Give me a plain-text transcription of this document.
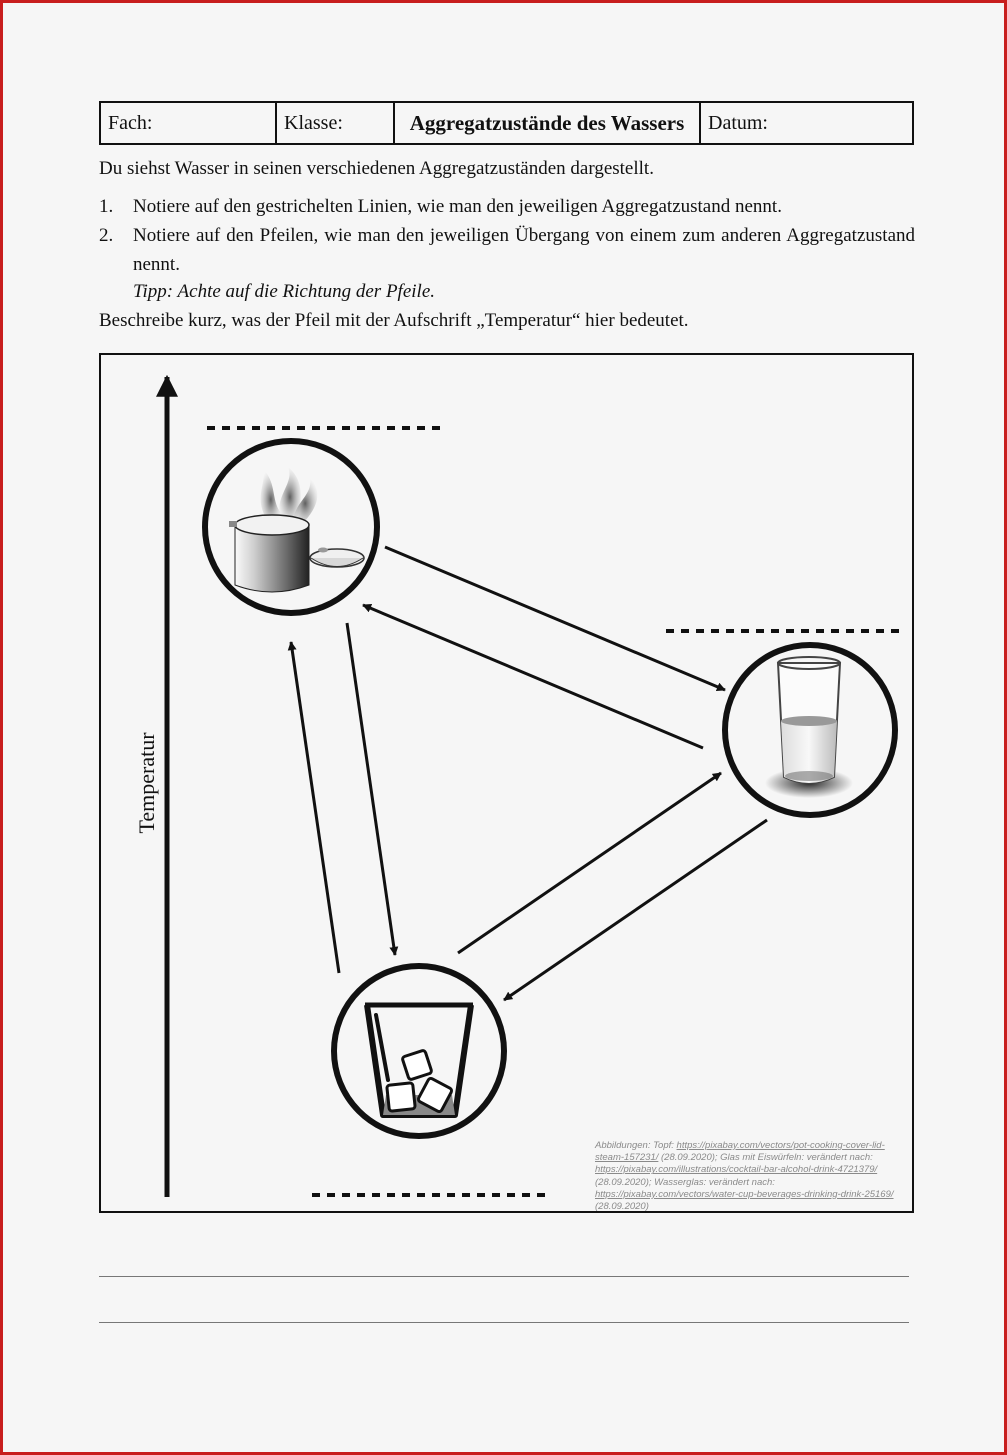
Fach:	Klasse:	Aggregatzustände des Wassers	Datum:
Du siehst Wasser in seinen verschiedenen Aggregatzuständen dargestellt.
1. Notiere auf den gestrichelten Linien, wie man den jeweiligen Aggregatzustand nennt.
2. Notiere auf den Pfeilen, wie man den jeweiligen Übergang von einem zum anderen Aggregatzustand nennt.
Tipp: Achte auf die Richtung der Pfeile.
Beschreibe kurz, was der Pfeil mit der Aufschrift „Temperatur“ hier bedeutet.
Temperatur
Abbildungen: Topf: https://pixabay.com/vectors/pot-cooking-cover-lid-steam-157231/ (28.09.2020); Glas mit Eiswürfeln: verändert nach: https://pixabay.com/illustrations/cocktail-bar-alcohol-drink-4721379/ (28.09.2020); Wasserglas: verändert nach: https://pixabay.com/vectors/water-cup-beverages-drinking-drink-25169/ (28.09.2020)
